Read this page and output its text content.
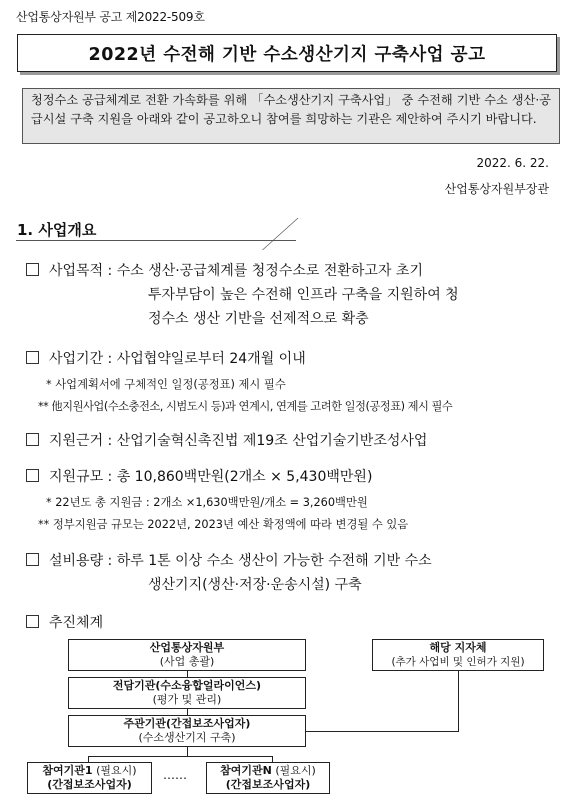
산업통상자원부 공고 제2022-509호
2022년 수전해 기반 수소생산기지 구축사업 공고
청정수소 공급체계로 전환 가속화를 위해 「수소생산기지 구축사업」 중 수전해 기반 수소 생산·공급시설 구축 지원을 아래와 같이 공고하오니 참여를 희망하는 기관은 제안하여 주시기 바랍니다.
2022. 6. 22.
산업통상자원부장관
1. 사업개요
사업목적 : 수소 생산·공급체계를 청정수소로 전환하고자 초기
투자부담이 높은 수전해 인프라 구축을 지원하여 청
정수소 생산 기반을 선제적으로 확충
사업기간 : 사업협약일로부터 24개월 이내
* 사업계획서에 구체적인 일정(공정표) 제시 필수
** 他지원사업(수소충전소, 시범도시 등)과 연계시, 연계를 고려한 일정(공정표) 제시 필수
지원근거 : 산업기술혁신촉진법 제19조 산업기술기반조성사업
지원규모 : 총 10,860백만원(2개소 × 5,430백만원)
* 22년도 총 지원금 : 2개소 ×1,630백만원/개소 = 3,260백만원
** 정부지원금 규모는 2022년, 2023년 예산 확정액에 따라 변경될 수 있음
설비용량 : 하루 1톤 이상 수소 생산이 가능한 수전해 기반 수소
생산기지(생산·저장·운송시설) 구축
추진체계
산업통상자원부
(사업 총괄)
해당 지자체
(추가 사업비 및 인허가 지원)
전담기관(수소융합얼라이언스)
(평가 및 관리)
주관기관(간접보조사업자)
(수소생산기지 구축)
참여기관1 (필요시)
(간접보조사업자)
……	참여기관N (필요시)
(간접보조사업자)
